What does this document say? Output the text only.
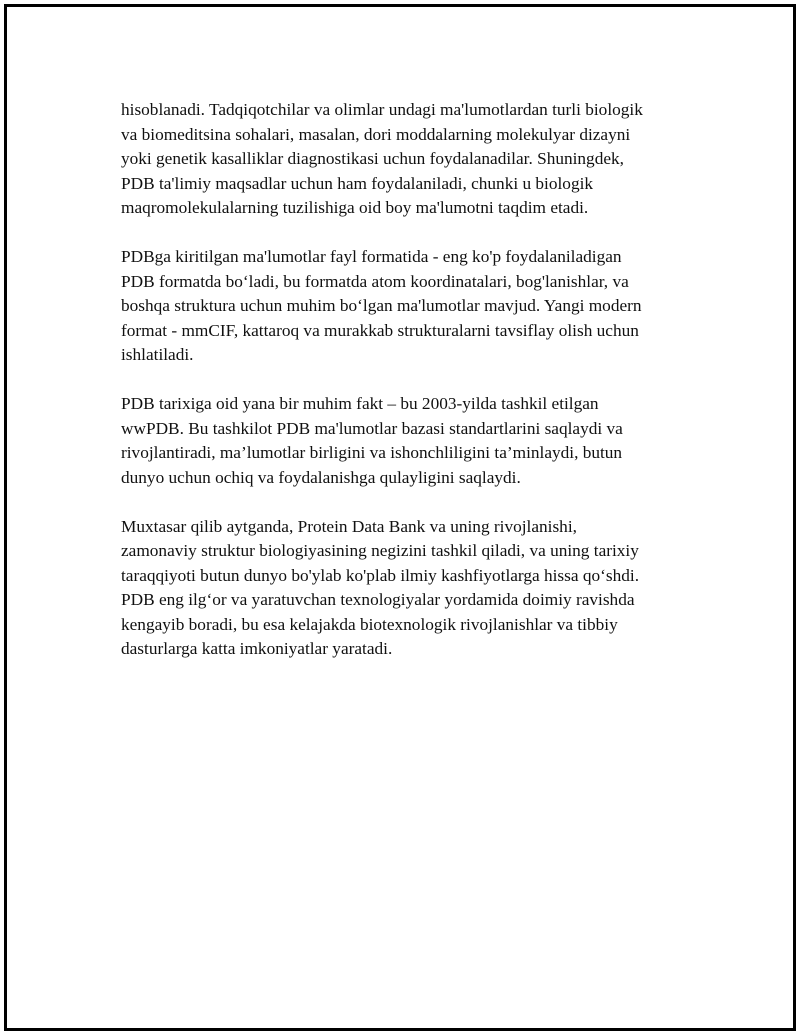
hisoblanadi. Tadqiqotchilar va olimlar undagi ma'lumotlardan turli biologik
va biomeditsina sohalari, masalan, dori moddalarning molekulyar dizayni
yoki genetik kasalliklar diagnostikasi uchun foydalanadilar. Shuningdek,
PDB ta'limiy maqsadlar uchun ham foydalaniladi, chunki u biologik
maqromolekulalarning tuzilishiga oid boy ma'lumotni taqdim etadi.

PDBga kiritilgan ma'lumotlar fayl formatida - eng ko'p foydalaniladigan
PDB formatda bo‘ladi, bu formatda atom koordinatalari, bog'lanishlar, va
boshqa struktura uchun muhim bo‘lgan ma'lumotlar mavjud. Yangi modern
format - mmCIF, kattaroq va murakkab strukturalarni tavsiflay olish uchun
ishlatiladi.

PDB tarixiga oid yana bir muhim fakt – bu 2003-yilda tashkil etilgan
wwPDB. Bu tashkilot PDB ma'lumotlar bazasi standartlarini saqlaydi va
rivojlantiradi, ma’lumotlar birligini va ishonchliligini ta’minlaydi, butun
dunyo uchun ochiq va foydalanishga qulayligini saqlaydi.

Muxtasar qilib aytganda, Protein Data Bank va uning rivojlanishi,
zamonaviy struktur biologiyasining negizini tashkil qiladi, va uning tarixiy
taraqqiyoti butun dunyo bo'ylab ko'plab ilmiy kashfiyotlarga hissa qo‘shdi.
PDB eng ilg‘or va yaratuvchan texnologiyalar yordamida doimiy ravishda
kengayib boradi, bu esa kelajakda biotexnologik rivojlanishlar va tibbiy
dasturlarga katta imkoniyatlar yaratadi.
